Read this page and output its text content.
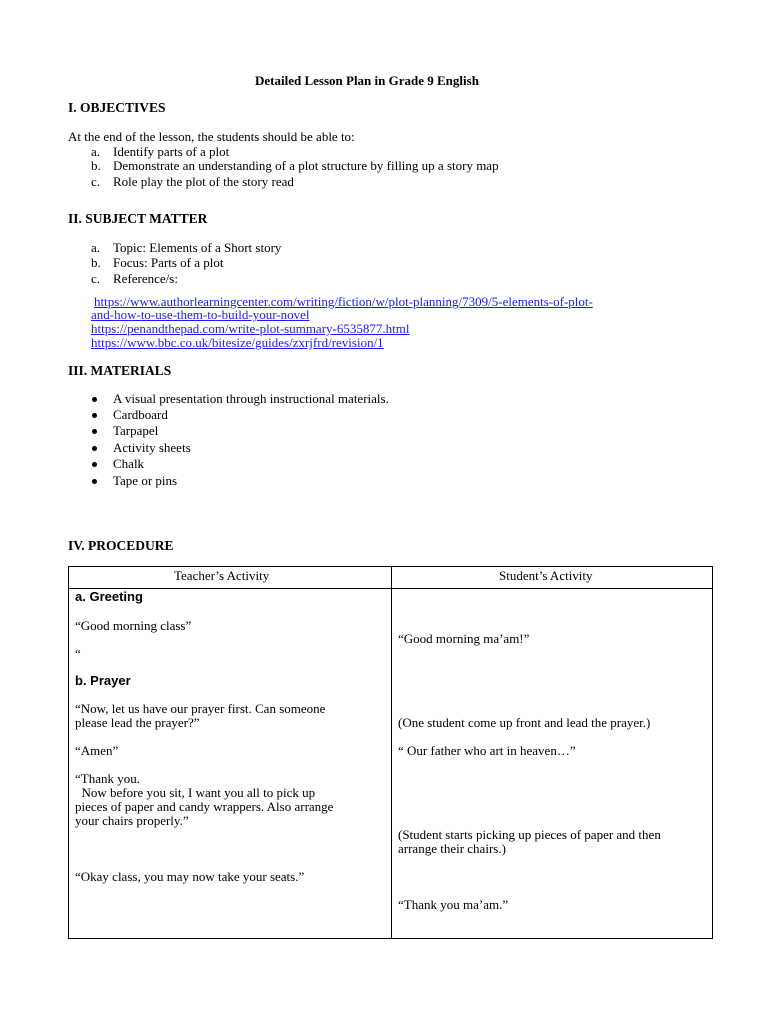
Detailed Lesson Plan in Grade 9 English
I. OBJECTIVES
At the end of the lesson, the students should be able to:
a. Identify parts of a plot
b. Demonstrate an understanding of a plot structure by filling up a story map
c. Role play the plot of the story read
II. SUBJECT MATTER
a. Topic: Elements of a Short story
b. Focus: Parts of a plot
c. Reference/s:
https://www.authorlearningcenter.com/writing/fiction/w/plot-planning/7309/5-elements-of-plot-
and-how-to-use-them-to-build-your-novel
https://penandthepad.com/write-plot-summary-6535877.html
https://www.bbc.co.uk/bitesize/guides/zxrjfrd/revision/1
III. MATERIALS
A visual presentation through instructional materials.
Cardboard
Tarpapel
Activity sheets
Chalk
Tape or pins
IV. PROCEDURE
Teacher’s Activity	Student’s Activity
a. Greeting
“Good morning class”
“
b. Prayer
“Now, let us have our prayer first. Can someone
please lead the prayer?”
“Amen”
“Thank you.
Now before you sit, I want you all to pick up
pieces of paper and candy wrappers. Also arrange
your chairs properly.”
“Okay class, you may now take your seats.”
“Good morning ma’am!”
(One student come up front and lead the prayer.)
“ Our father who art in heaven…”
(Student starts picking up pieces of paper and then
arrange their chairs.)
“Thank you ma’am.”
